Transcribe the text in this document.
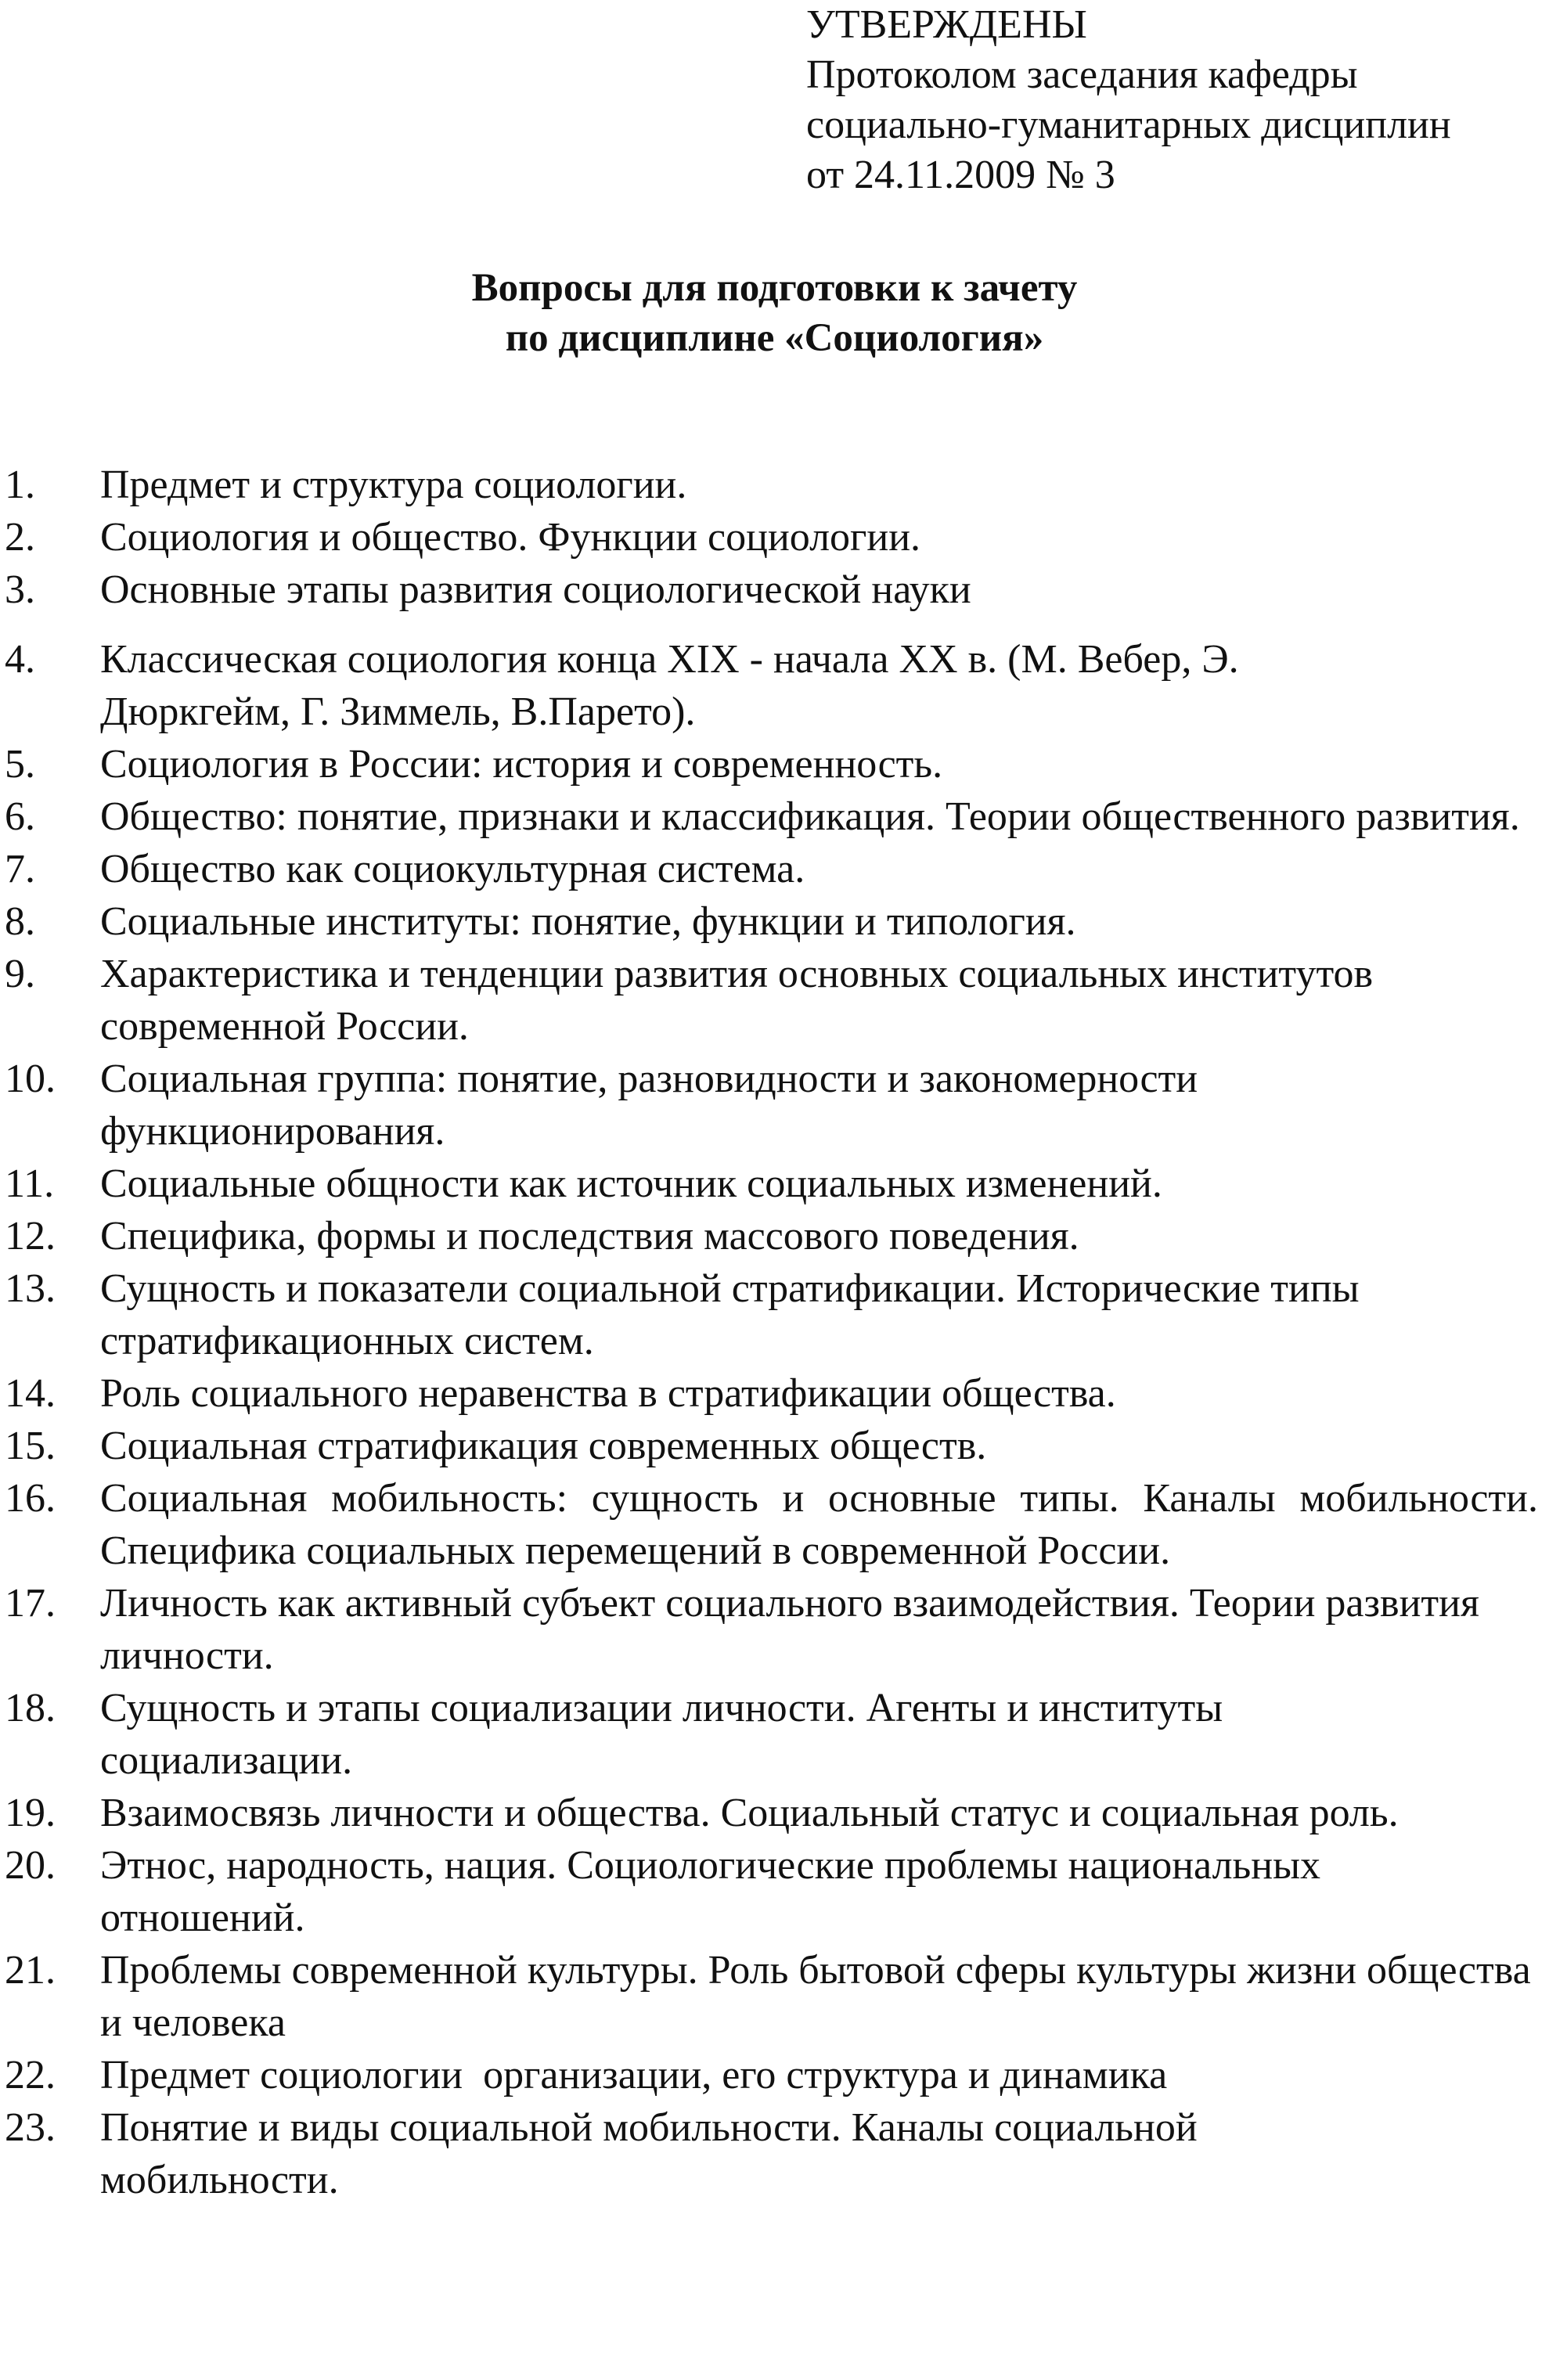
УТВЕРЖДЕНЫ
Протоколом заседания кафедры
социально-гуманитарных дисциплин
от 24.11.2009 № 3
Вопросы для подготовки к зачету
по дисциплине «Социология»
1.	Предмет и структура социологии.
2.	Социология и общество. Функции социологии.
3.	Основные этапы развития социологической науки
4.	Классическая социология конца XIX - начала XX в. (М. Вебер, Э. Дюркгейм, Г. Зиммель, В.Парето).
5.	Социология в России: история и современность.
6.	Общество: понятие, признаки и классификация. Теории общественного развития.
7.	Общество как социокультурная система.
8.	Социальные институты: понятие, функции и типология.
9.	Характеристика и тенденции развития основных социальных институтов современной России.
10.	Социальная группа: понятие, разновидности и закономерности функционирования.
11.	Социальные общности как источник социальных изменений.
12.	Специфика, формы и последствия массового поведения.
13.	Сущность и показатели социальной стратификации. Исторические типы стратификационных систем.
14.	Роль социального неравенства в стратификации общества.
15.	Социальная стратификация современных обществ.
16.	Социальная мобильность: сущность и основные типы. Каналы мобильности. Специфика социальных перемещений в современной России.
17.	Личность как активный субъект социального взаимодействия. Теории развития личности.
18.	Сущность и этапы социализации личности. Агенты и институты социализации.
19.	Взаимосвязь личности и общества. Социальный статус и социальная роль.
20.	Этнос, народность, нация. Социологические проблемы национальных отношений.
21.	Проблемы современной культуры. Роль бытовой сферы культуры жизни общества и человека
22.	Предмет социологии  организации, его структура и динамика
23.	Понятие и виды социальной мобильности. Каналы социальной мобильности.
